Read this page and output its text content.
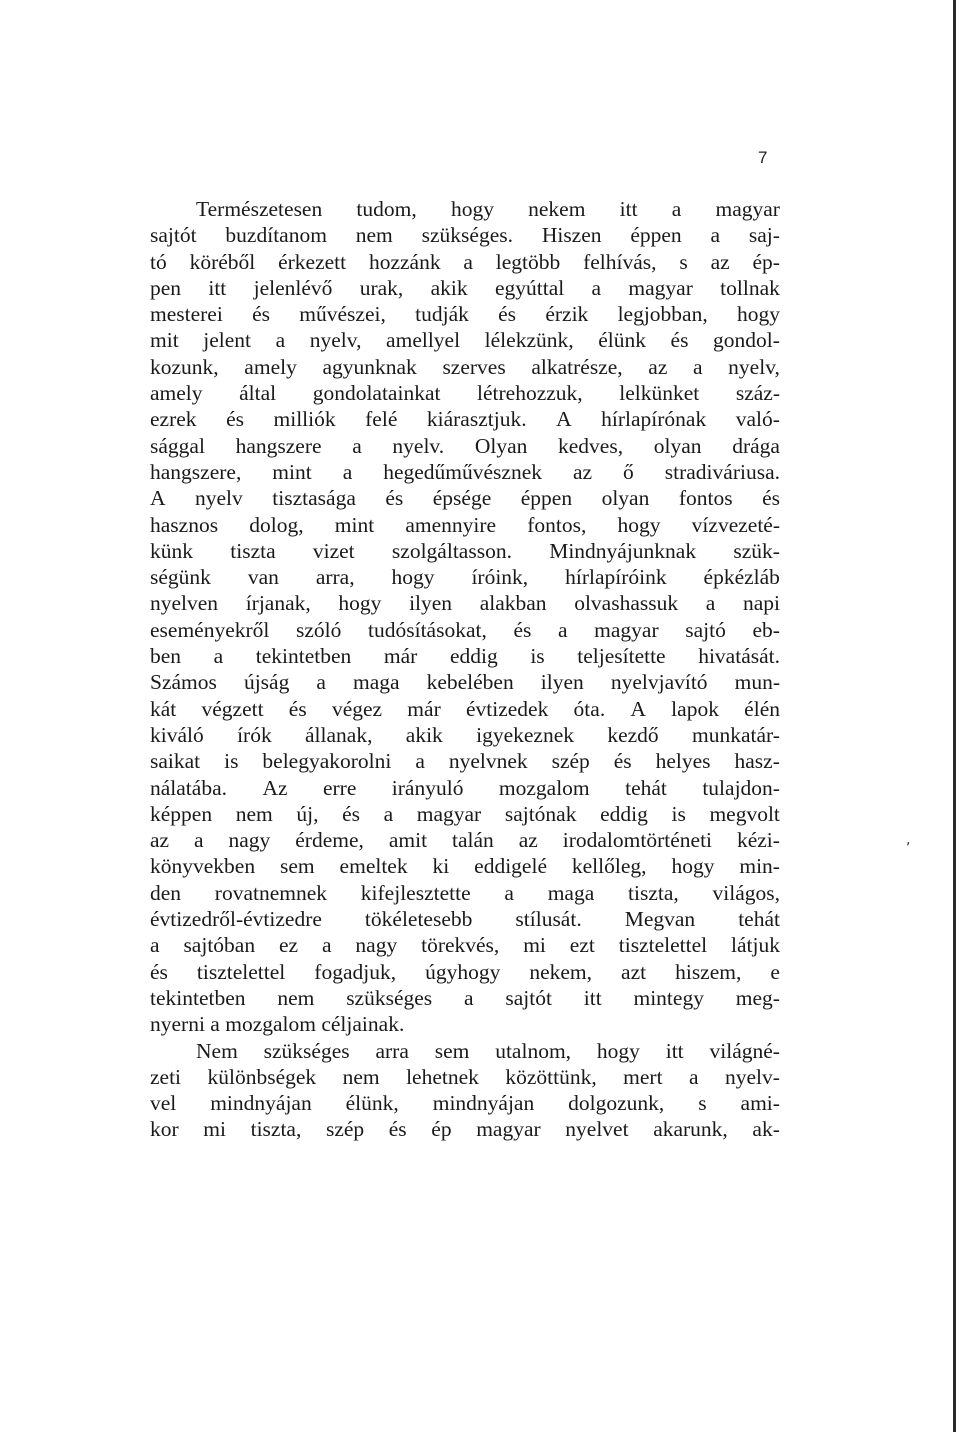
7
Természetesen tudom, hogy nekem itt a magyar
sajtót buzdítanom nem szükséges. Hiszen éppen a saj-
tó köréből érkezett hozzánk a legtöbb felhívás, s az ép-
pen itt jelenlévő urak, akik egyúttal a magyar tollnak
mesterei és művészei, tudják és érzik legjobban, hogy
mit jelent a nyelv, amellyel lélekzünk, élünk és gondol-
kozunk, amely agyunknak szerves alkatrésze, az a nyelv,
amely által gondolatainkat létrehozzuk, lelkünket száz-
ezrek és milliók felé kiárasztjuk. A hírlapírónak való-
sággal hangszere a nyelv. Olyan kedves, olyan drága
hangszere, mint a hegedűművésznek az ő stradiváriusa.
A nyelv tisztasága és épsége éppen olyan fontos és
hasznos dolog, mint amennyire fontos, hogy vízvezeté-
künk tiszta vizet szolgáltasson. Mindnyájunknak szük-
ségünk van arra, hogy íróink, hírlapíróink épkézláb
nyelven írjanak, hogy ilyen alakban olvashassuk a napi
eseményekről szóló tudósításokat, és a magyar sajtó eb-
ben a tekintetben már eddig is teljesítette hivatását.
Számos újság a maga kebelében ilyen nyelvjavító mun-
kát végzett és végez már évtizedek óta. A lapok élén
kiváló írók állanak, akik igyekeznek kezdő munkatár-
saikat is belegyakorolni a nyelvnek szép és helyes hasz-
nálatába. Az erre irányuló mozgalom tehát tulajdon-
képpen nem új, és a magyar sajtónak eddig is megvolt
az a nagy érdeme, amit talán az irodalomtörténeti kézi-
könyvekben sem emeltek ki eddigelé kellőleg, hogy min-
den rovatnemnek kifejlesztette a maga tiszta, világos,
évtizedről-évtizedre tökéletesebb stílusát. Megvan tehát
a sajtóban ez a nagy törekvés, mi ezt tisztelettel látjuk
és tisztelettel fogadjuk, úgyhogy nekem, azt hiszem, e
tekintetben nem szükséges a sajtót itt mintegy meg-
nyerni a mozgalom céljainak.
Nem szükséges arra sem utalnom, hogy itt világné-
zeti különbségek nem lehetnek közöttünk, mert a nyelv-
vel mindnyájan élünk, mindnyájan dolgozunk, s ami-
kor mi tiszta, szép és ép magyar nyelvet akarunk, ak-
,
